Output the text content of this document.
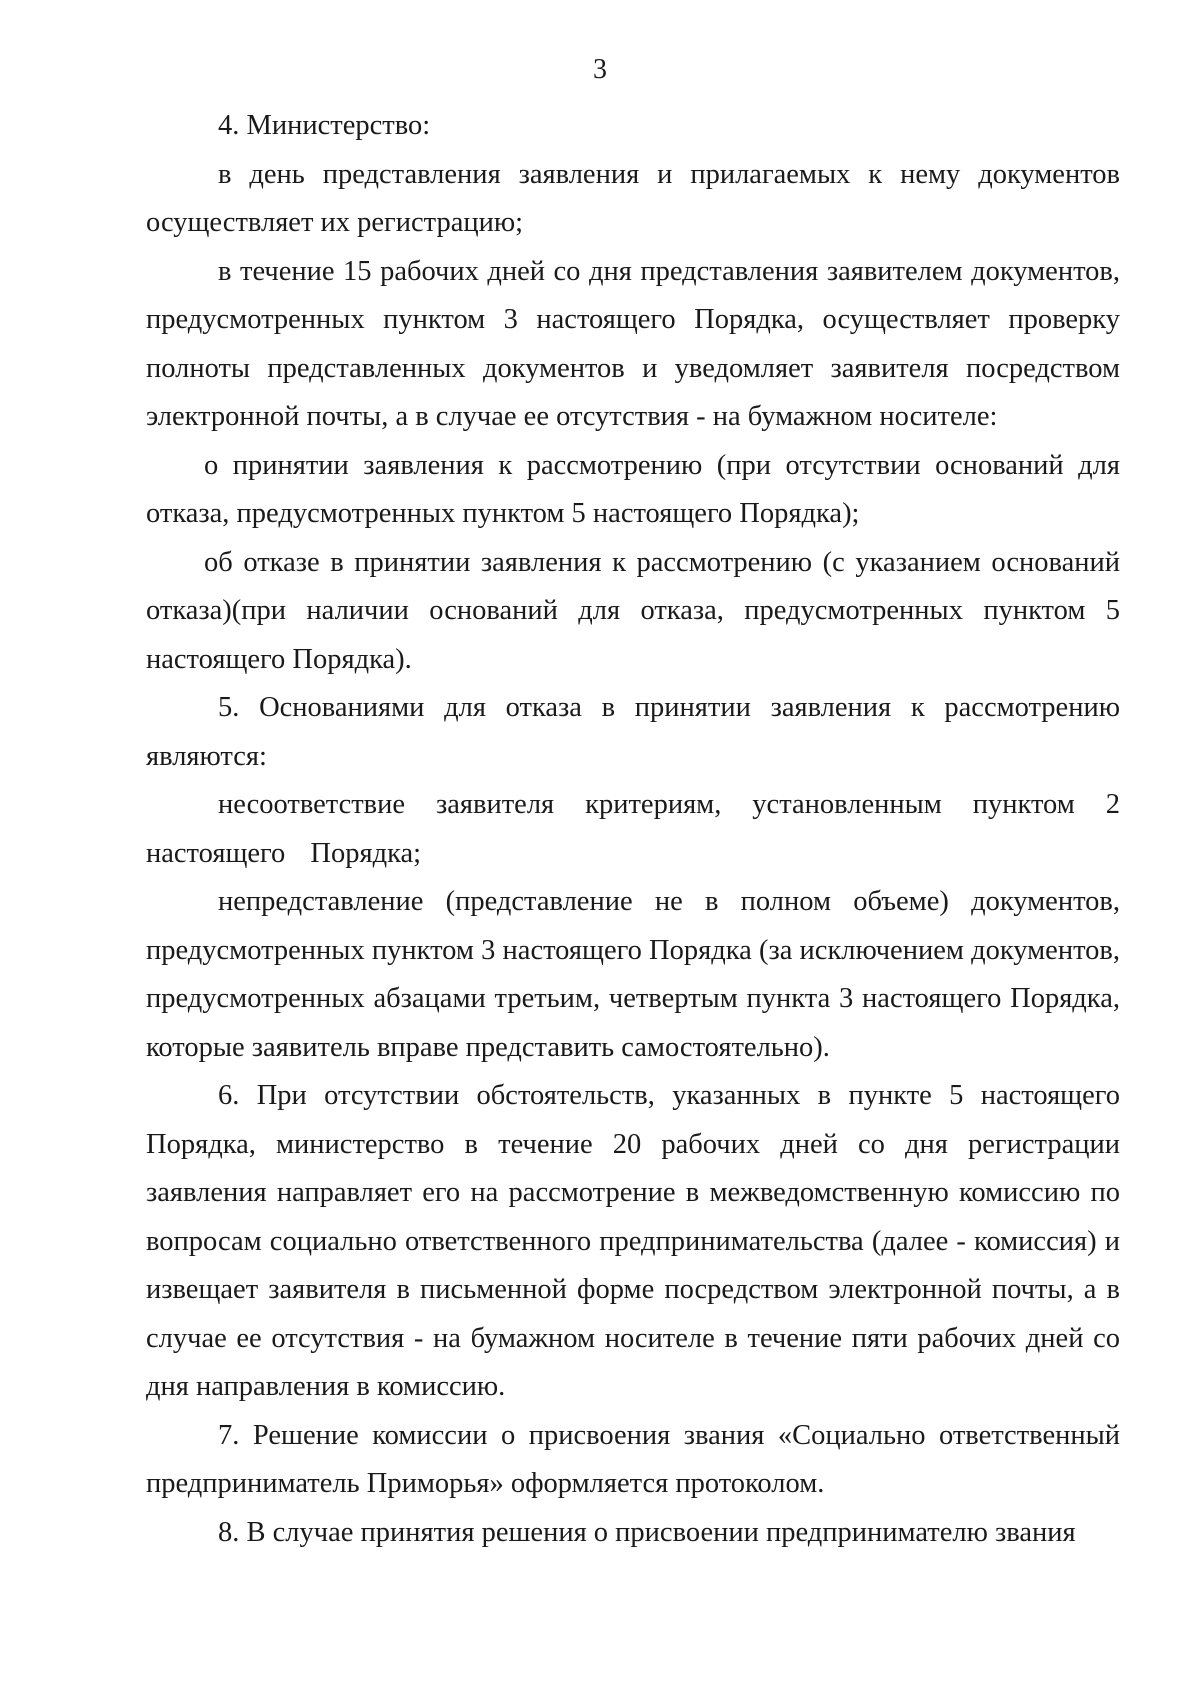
3

4. Министерство:

в день представления заявления и прилагаемых к нему документов осуществляет их регистрацию;

в течение 15 рабочих дней со дня представления заявителем документов, предусмотренных пунктом 3 настоящего Порядка, осуществляет проверку полноты представленных документов и уведомляет заявителя посредством электронной почты, а в случае ее отсутствия - на бумажном носителе:

о принятии заявления к рассмотрению (при отсутствии оснований для отказа, предусмотренных пунктом 5 настоящего Порядка);

об отказе в принятии заявления к рассмотрению (с указанием оснований отказа)(при наличии оснований для отказа, предусмотренных пунктом 5 настоящего Порядка).

5. Основаниями для отказа в принятии заявления к рассмотрению являются:

несоответствие заявителя критериям, установленным пунктом 2 настоящего Порядка;

непредставление (представление не в полном объеме) документов, предусмотренных пунктом 3 настоящего Порядка (за исключением документов, предусмотренных абзацами третьим, четвертым пункта 3 настоящего Порядка, которые заявитель вправе представить самостоятельно).

6. При отсутствии обстоятельств, указанных в пункте 5 настоящего Порядка, министерство в течение 20 рабочих дней со дня регистрации заявления направляет его на рассмотрение в межведомственную комиссию по вопросам социально ответственного предпринимательства (далее - комиссия) и извещает заявителя в письменной форме посредством электронной почты, а в случае ее отсутствия - на бумажном носителе в течение пяти рабочих дней со дня направления в комиссию.

7. Решение комиссии о присвоения звания «Социально ответственный предприниматель Приморья» оформляется протоколом.

8. В случае принятия решения о присвоении предпринимателю звания
